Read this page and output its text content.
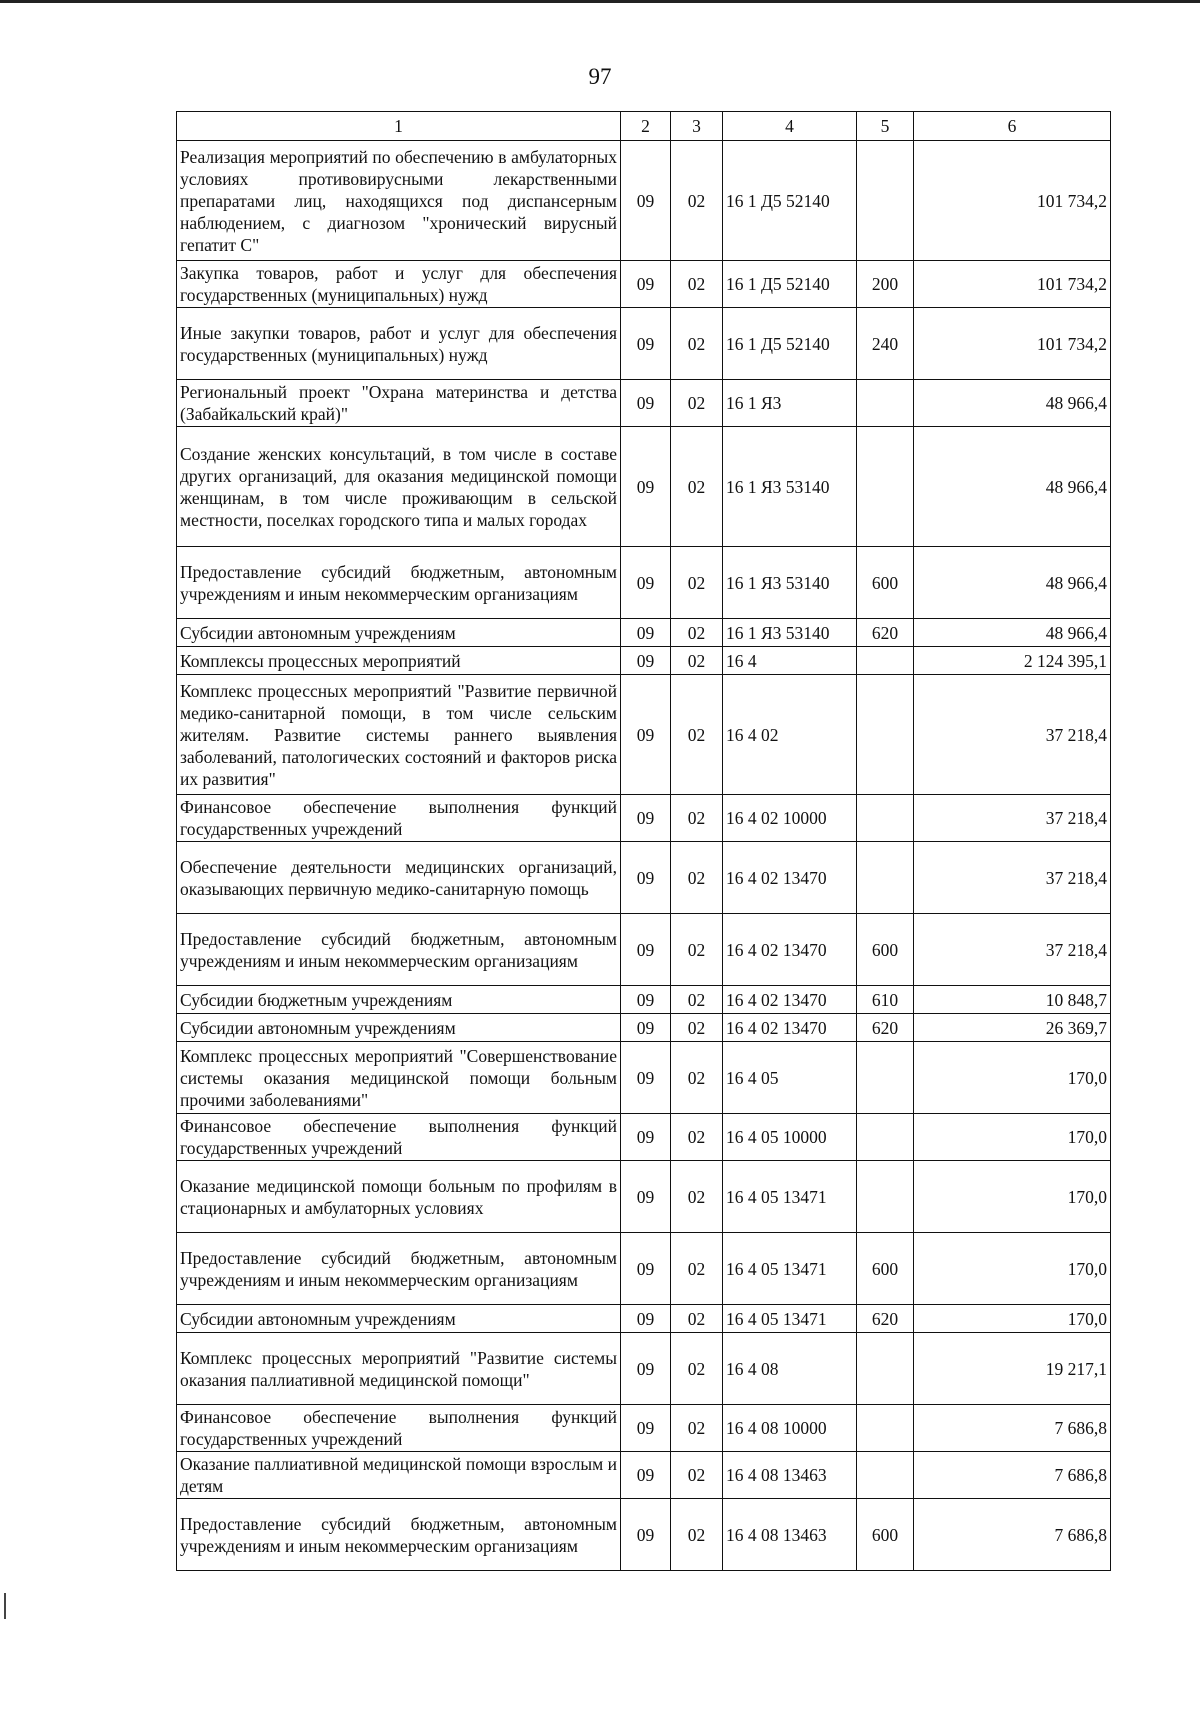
97
1	2	3	4	5	6
Реализация мероприятий по обеспечению в амбулаторных условиях противовирусными лекарственными препаратами лиц, находящихся под диспансерным наблюдением, с диагнозом "хронический вирусный гепатит С"	09	02	16 1 Д5 52140		101 734,2
Закупка товаров, работ и услуг для обеспечения государственных (муниципальных) нужд	09	02	16 1 Д5 52140	200	101 734,2
Иные закупки товаров, работ и услуг для обеспечения государственных (муниципальных) нужд	09	02	16 1 Д5 52140	240	101 734,2
Региональный проект "Охрана материнства и детства (Забайкальский край)"	09	02	16 1 Я3		48 966,4
Создание женских консультаций, в том числе в составе других организаций, для оказания медицинской помощи женщинам, в том числе проживающим в сельской местности, поселках городского типа и малых городах	09	02	16 1 Я3 53140		48 966,4
Предоставление субсидий бюджетным, автономным учреждениям и иным некоммерческим организациям	09	02	16 1 Я3 53140	600	48 966,4
Субсидии автономным учреждениям	09	02	16 1 Я3 53140	620	48 966,4
Комплексы процессных мероприятий	09	02	16 4		2 124 395,1
Комплекс процессных мероприятий "Развитие первичной медико-санитарной помощи, в том числе сельским жителям. Развитие системы раннего выявления заболеваний, патологических состояний и факторов риска их развития"	09	02	16 4 02		37 218,4
Финансовое обеспечение выполнения функций государственных учреждений	09	02	16 4 02 10000		37 218,4
Обеспечение деятельности медицинских организаций, оказывающих первичную медико-санитарную помощь	09	02	16 4 02 13470		37 218,4
Предоставление субсидий бюджетным, автономным учреждениям и иным некоммерческим организациям	09	02	16 4 02 13470	600	37 218,4
Субсидии бюджетным учреждениям	09	02	16 4 02 13470	610	10 848,7
Субсидии автономным учреждениям	09	02	16 4 02 13470	620	26 369,7
Комплекс процессных мероприятий "Совершенствование системы оказания медицинской помощи больным прочими заболеваниями"	09	02	16 4 05		170,0
Финансовое обеспечение выполнения функций государственных учреждений	09	02	16 4 05 10000		170,0
Оказание медицинской помощи больным по профилям в стационарных и амбулаторных условиях	09	02	16 4 05 13471		170,0
Предоставление субсидий бюджетным, автономным учреждениям и иным некоммерческим организациям	09	02	16 4 05 13471	600	170,0
Субсидии автономным учреждениям	09	02	16 4 05 13471	620	170,0
Комплекс процессных мероприятий "Развитие системы оказания паллиативной медицинской помощи"	09	02	16 4 08		19 217,1
Финансовое обеспечение выполнения функций государственных учреждений	09	02	16 4 08 10000		7 686,8
Оказание паллиативной медицинской помощи взрослым и детям	09	02	16 4 08 13463		7 686,8
Предоставление субсидий бюджетным, автономным учреждениям и иным некоммерческим организациям	09	02	16 4 08 13463	600	7 686,8
